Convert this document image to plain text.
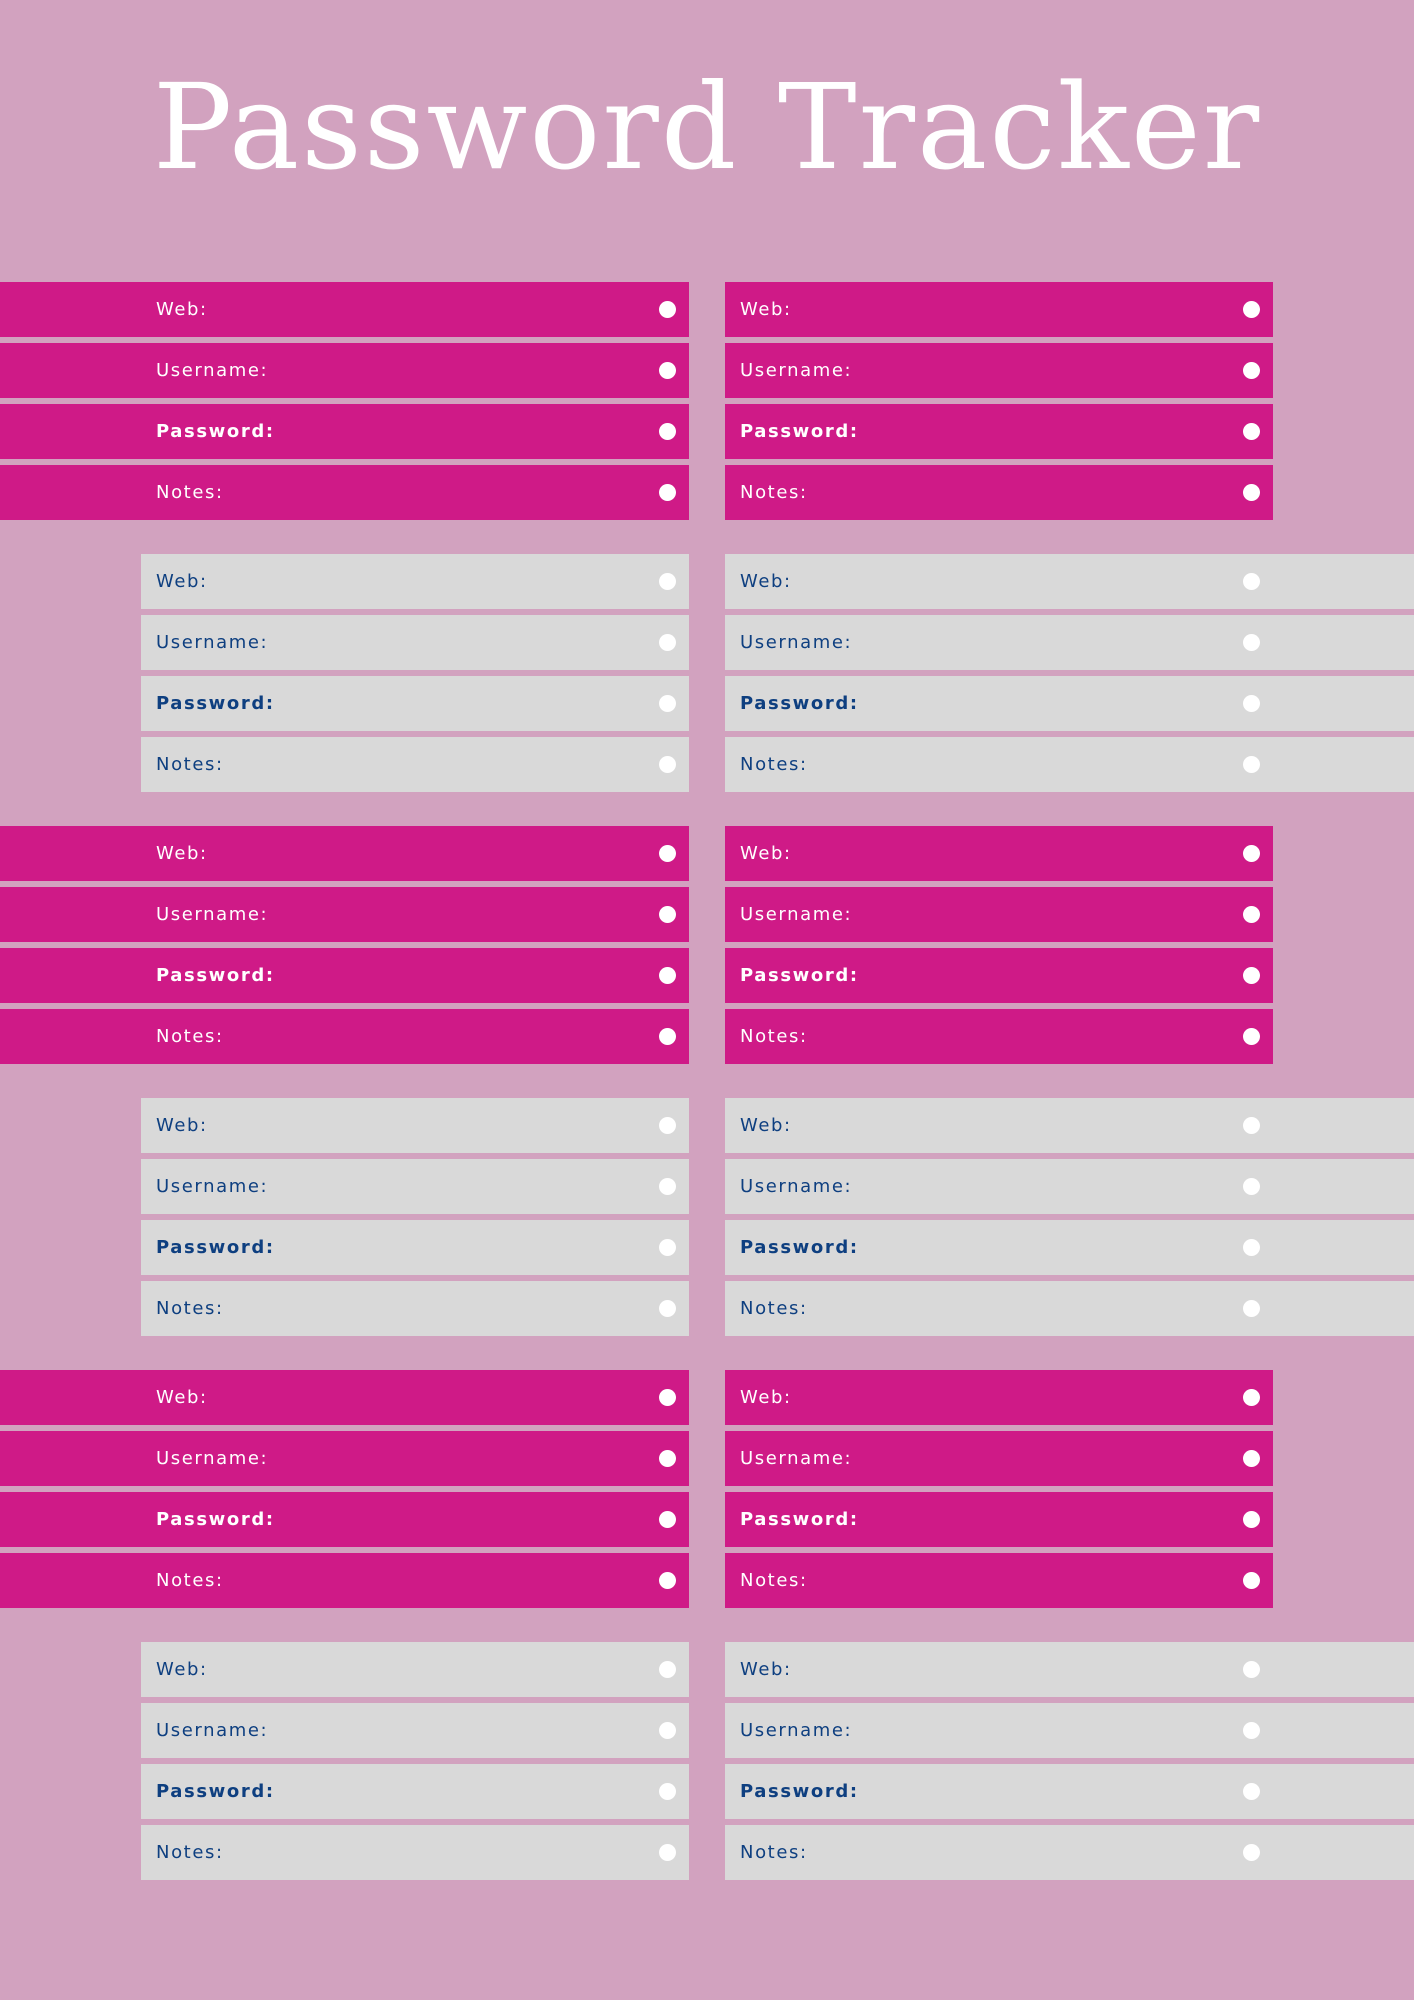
Password Tracker
Web:
Username:
Password:
Notes:
Web:
Username:
Password:
Notes:
Web:
Username:
Password:
Notes:
Web:
Username:
Password:
Notes:
Web:
Username:
Password:
Notes:
Web:
Username:
Password:
Notes:
Web:
Username:
Password:
Notes:
Web:
Username:
Password:
Notes:
Web:
Username:
Password:
Notes:
Web:
Username:
Password:
Notes:
Web:
Username:
Password:
Notes:
Web:
Username:
Password:
Notes:
